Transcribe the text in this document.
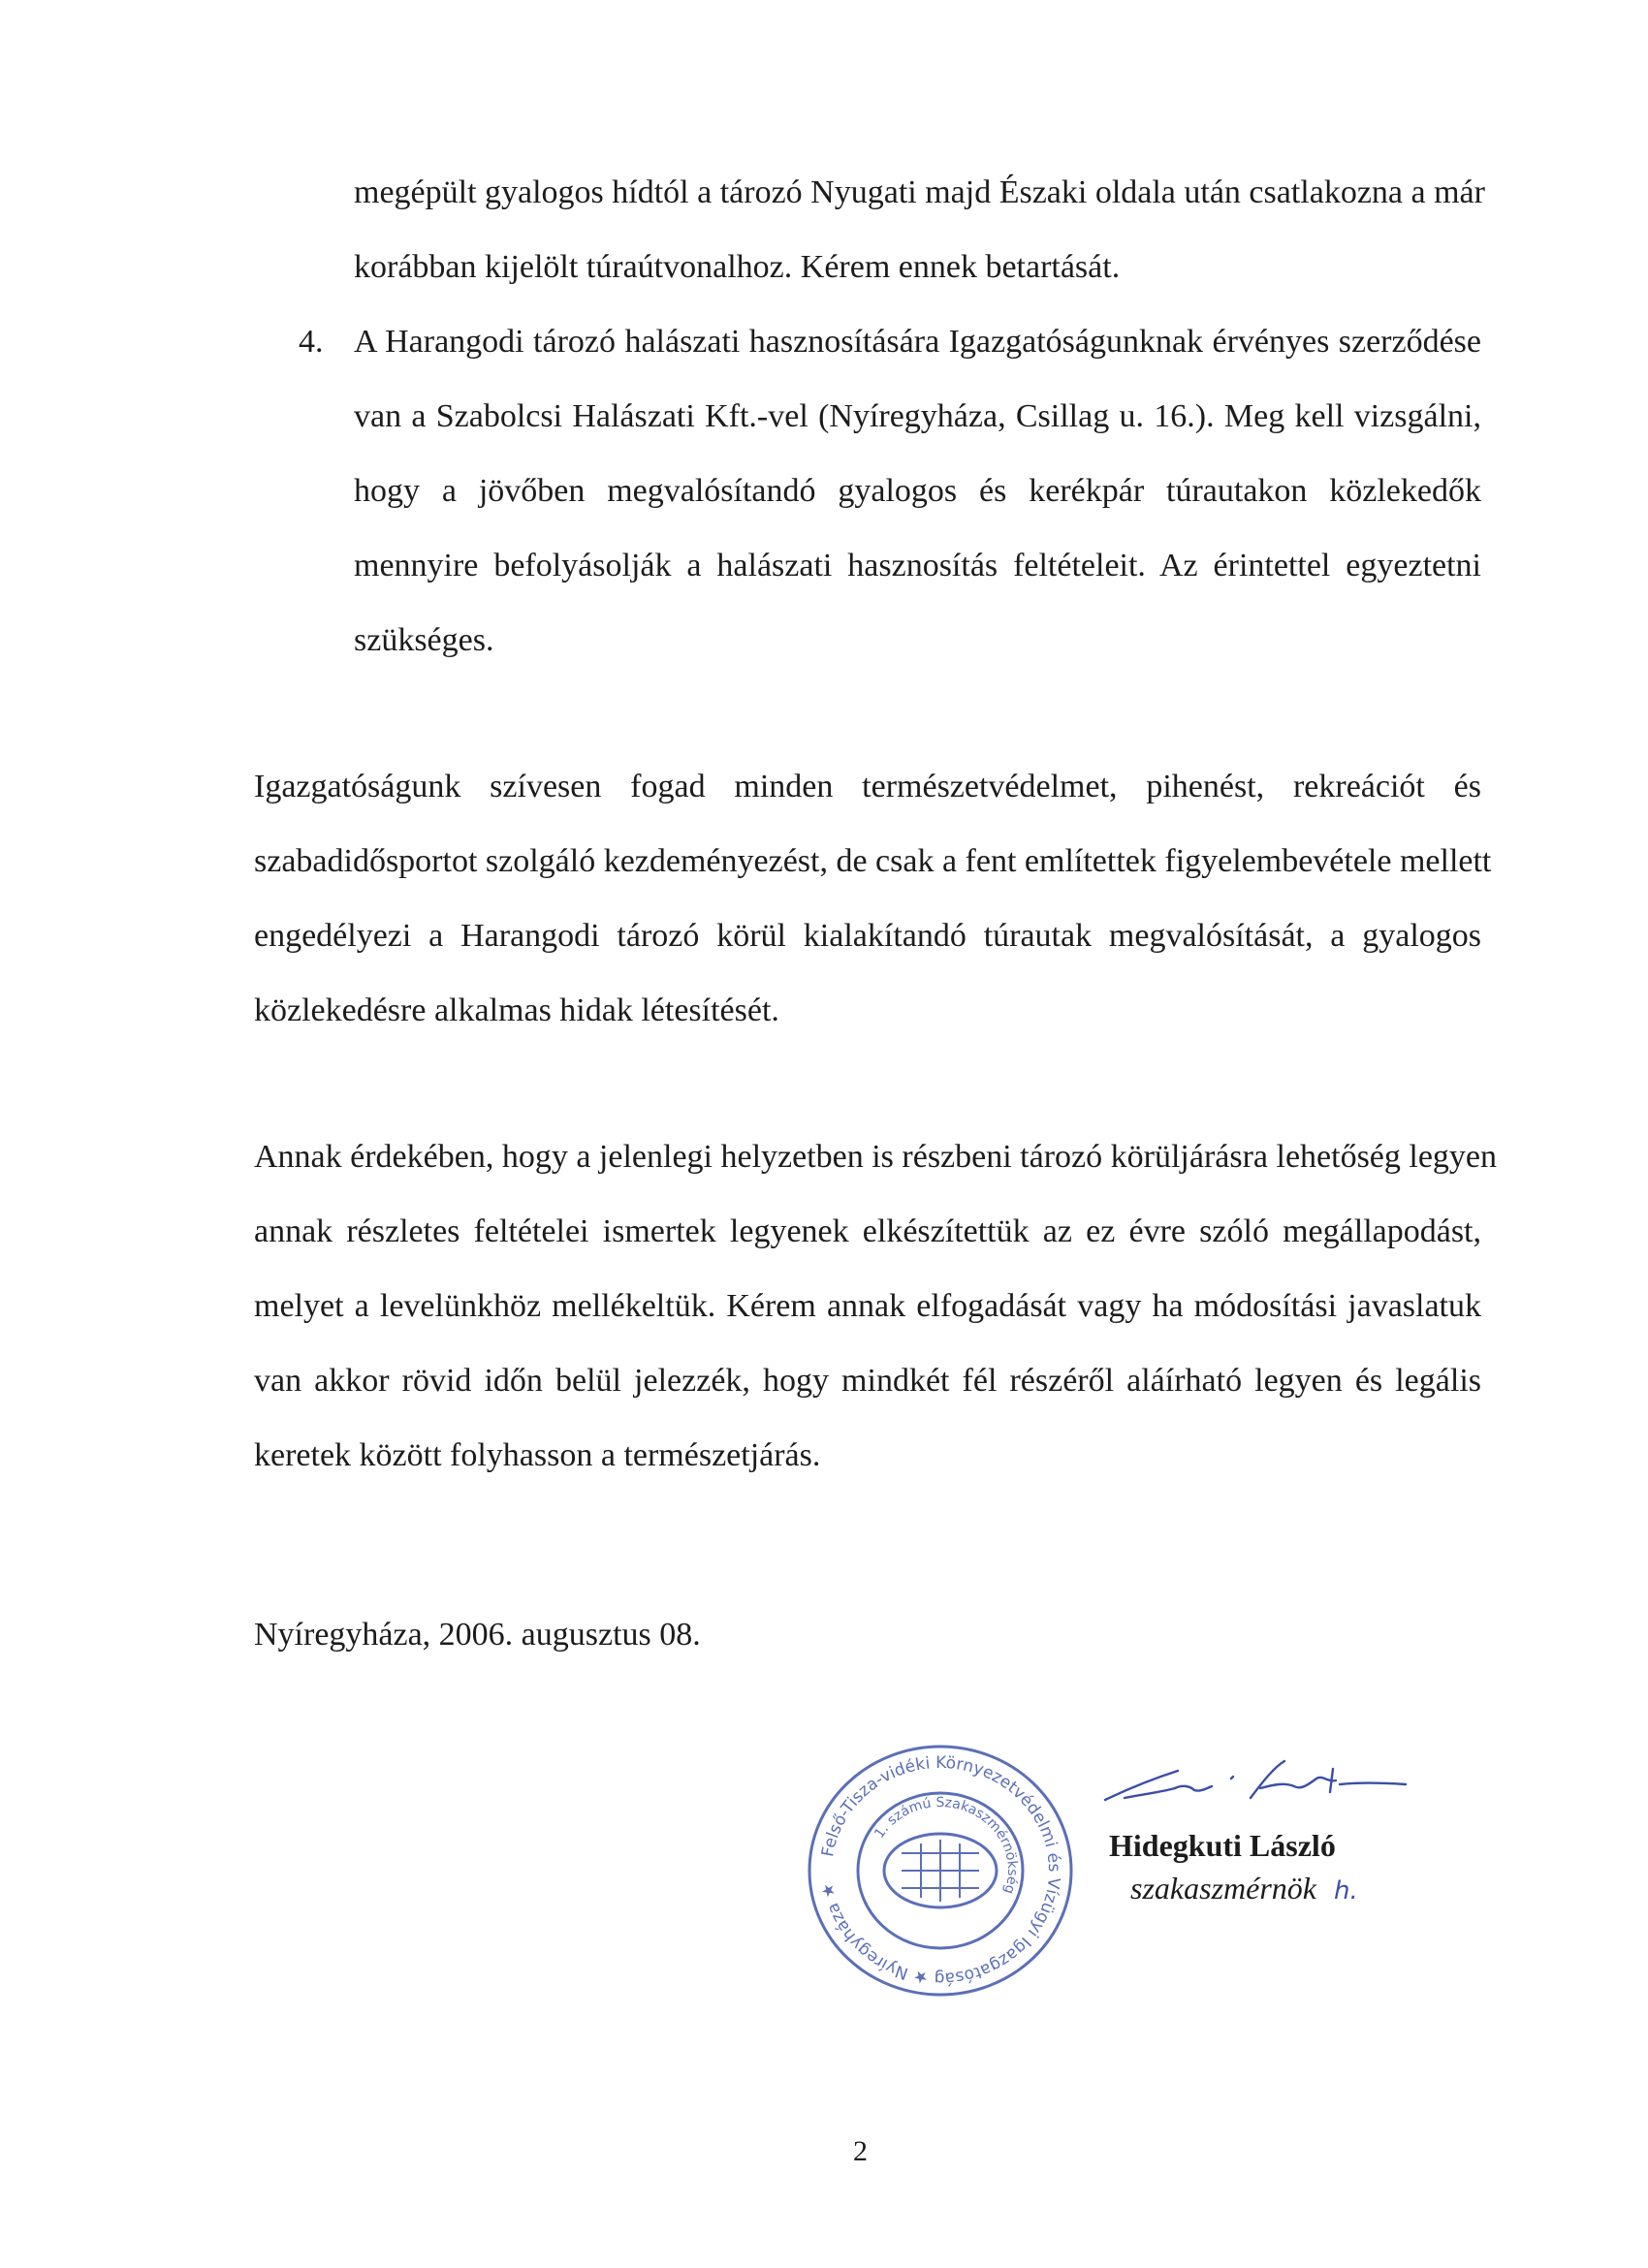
megépült gyalogos hídtól a tározó Nyugati majd Északi oldala után csatlakozna a már
korábban kijelölt túraútvonalhoz. Kérem ennek betartását.
4. A Harangodi tározó halászati hasznosítására Igazgatóságunknak érvényes szerződése
van a Szabolcsi Halászati Kft.-vel (Nyíregyháza, Csillag u. 16.). Meg kell vizsgálni,
hogy a jövőben megvalósítandó gyalogos és kerékpár túrautakon közlekedők
mennyire befolyásolják a halászati hasznosítás feltételeit. Az érintettel egyeztetni
szükséges.
Igazgatóságunk szívesen fogad minden természetvédelmet, pihenést, rekreációt és
szabadidősportot szolgáló kezdeményezést, de csak a fent említettek figyelembevétele mellett
engedélyezi a Harangodi tározó körül kialakítandó túrautak megvalósítását, a gyalogos
közlekedésre alkalmas hidak létesítését.
Annak érdekében, hogy a jelenlegi helyzetben is részbeni tározó körüljárásra lehetőség legyen
annak részletes feltételei ismertek legyenek elkészítettük az ez évre szóló megállapodást,
melyet a levelünkhöz mellékeltük. Kérem annak elfogadását vagy ha módosítási javaslatuk
van akkor rövid időn belül jelezzék, hogy mindkét fél részéről aláírható legyen és legális
keretek között folyhasson a természetjárás.
Nyíregyháza, 2006. augusztus 08.
Felső-Tisza-vidéki Környezetvédelmi és Vízügyi Igazgatóság ★ Nyíregyháza ★
1. számú Szakaszmérnökség
Hidegkuti László
szakaszmérnök h.
2
